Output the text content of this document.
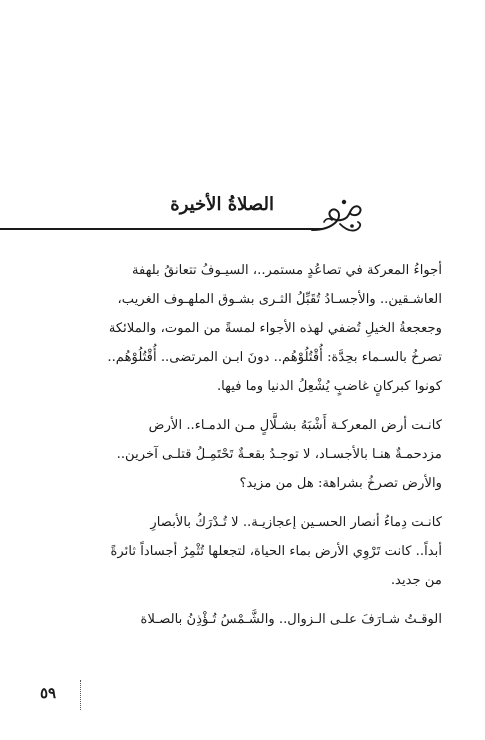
الصلاةُ الأخيرة

أجواءُ المعركة في تصاعُدٍ مستمر..، السيـوفُ تتعانقُ بلهفة
العاشـقين.. والأجسـادُ تُقَبِّلُ الثـرى بشـوق الملهـوف الغريب،
وجعجعةُ الخيلِ تُضفي لهذه الأجواء لمسةً من الموت، والملائكة
تصرخُ بالسـماء بحِدَّة: أُقْتُلُوْهُم.. دونَ ابـن المرتضى.. أُقْتُلُوْهُم..
كونوا كبركانٍ غاضبٍ يُشْعِلُ الدنيا وما فيها.

كانـت أرض المعركـة أَشْبَهُ بشـلَّالٍ مـن الدمـاء.. الأرض
مزدحمـةٌ هنـا بالأجسـاد، لا توجـدُ بقعـةٌ تَحْتَمِـلُ قتلـى آخرين..
والأرض تصرخُ بشراهة: هل من مزيد؟

كانـت دِماءُ أنصار الحسـين إعجازيـة.. لا تُـدْرَكُ بالأبصارِ
أبداً.. كانت تَرْوِي الأرض بماء الحياة، لتجعلها تُثْمِرُ أجساداً ثائرةً
من جديد.

الوقـتُ شـارَفَ علـى الـزوال.. والشَّـمْسُ تُـؤْذِنُ بالصـلاة

٥٩
